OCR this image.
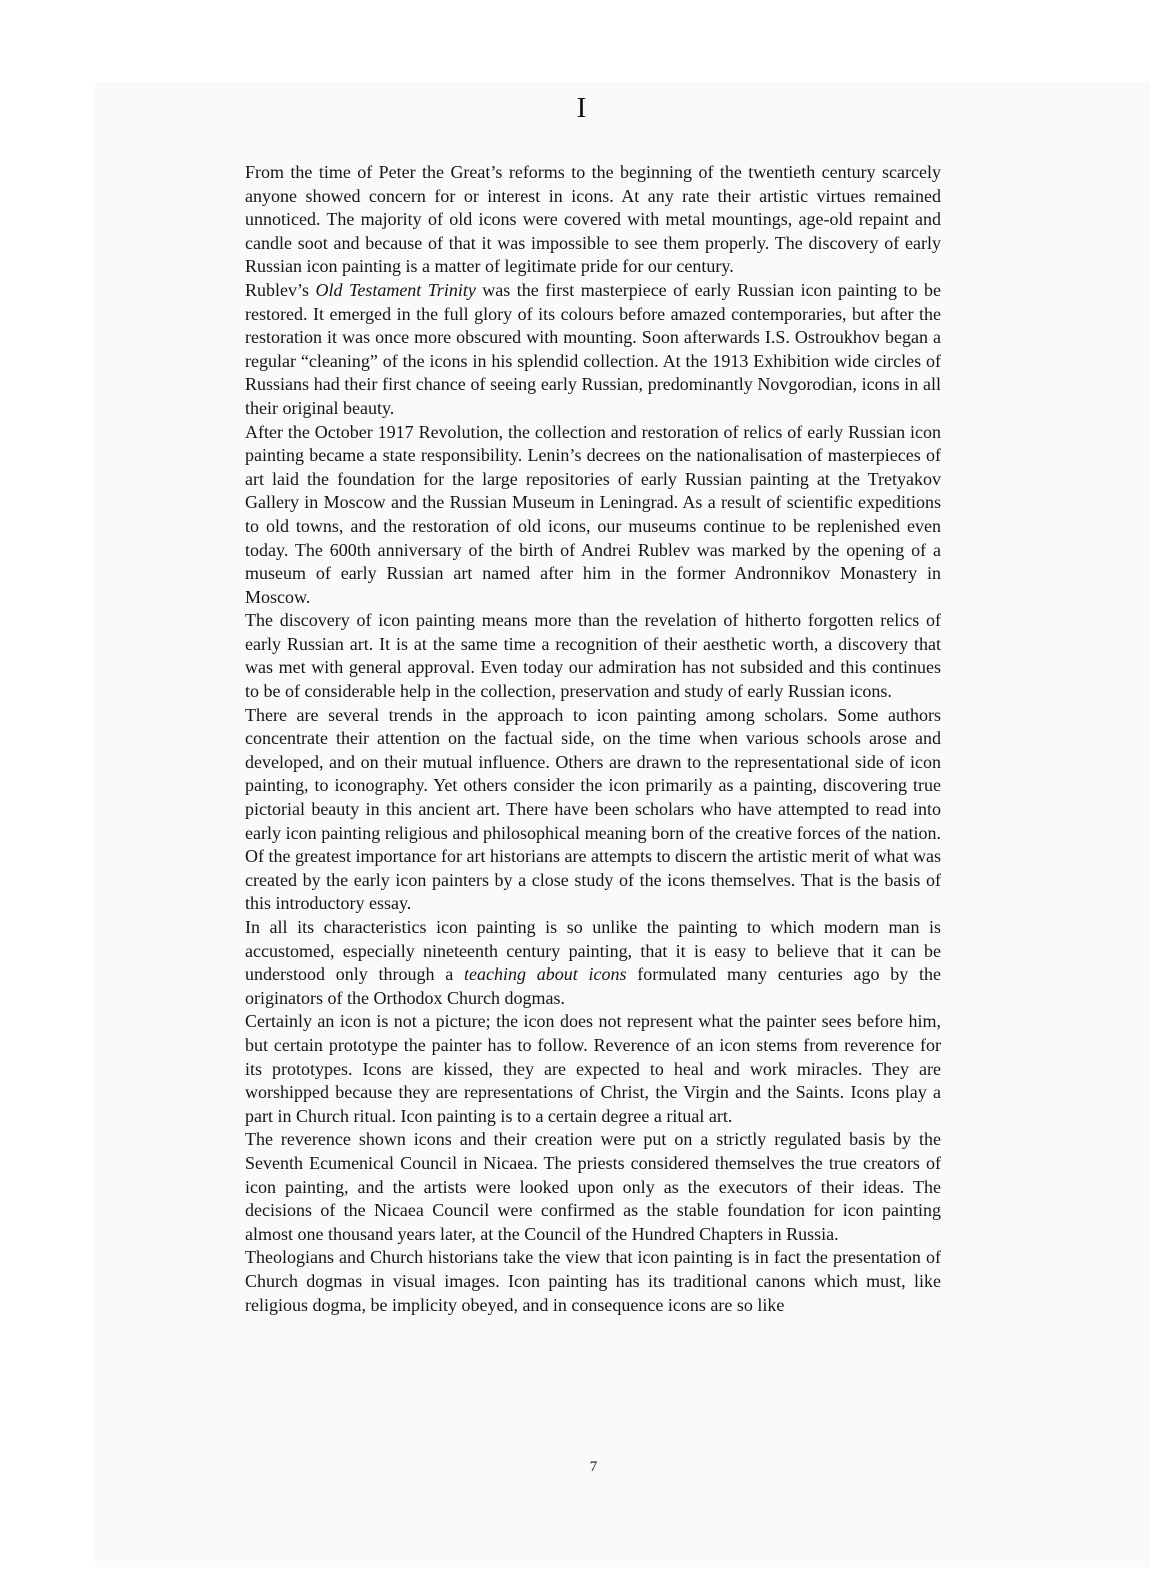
I

From the time of Peter the Great’s reforms to the beginning of the twentieth century scarcely anyone showed concern for or interest in icons. At any rate their artistic virtues remained unnoticed. The majority of old icons were covered with metal mountings, age-old repaint and candle soot and because of that it was impossible to see them properly. The discovery of early Russian icon painting is a matter of legitimate pride for our century.

Rublev’s Old Testament Trinity was the first masterpiece of early Russian icon painting to be restored. It emerged in the full glory of its colours before amazed contemporaries, but after the restoration it was once more obscured with mounting. Soon afterwards I.S. Ostroukhov began a regular “cleaning” of the icons in his splendid collection. At the 1913 Exhibition wide circles of Russians had their first chance of seeing early Russian, predominantly Novgorodian, icons in all their original beauty.

After the October 1917 Revolution, the collection and restoration of relics of early Russian icon painting became a state responsibility. Lenin’s decrees on the nationalisation of masterpieces of art laid the foundation for the large repositories of early Russian painting at the Tretyakov Gallery in Moscow and the Russian Museum in Leningrad. As a result of scientific expeditions to old towns, and the restoration of old icons, our museums continue to be replenished even today. The 600th anniversary of the birth of Andrei Rublev was marked by the opening of a museum of early Russian art named after him in the former Andronnikov Monastery in Moscow.

The discovery of icon painting means more than the revelation of hitherto forgotten relics of early Russian art. It is at the same time a recognition of their aesthetic worth, a discovery that was met with general approval. Even today our admiration has not subsided and this continues to be of considerable help in the collection, preservation and study of early Russian icons.

There are several trends in the approach to icon painting among scholars. Some authors concentrate their attention on the factual side, on the time when various schools arose and developed, and on their mutual influence. Others are drawn to the representational side of icon painting, to iconography. Yet others consider the icon primarily as a painting, discovering true pictorial beauty in this ancient art. There have been scholars who have attempted to read into early icon painting religious and philosophical meaning born of the creative forces of the nation. Of the greatest importance for art historians are attempts to discern the artistic merit of what was created by the early icon painters by a close study of the icons themselves. That is the basis of this introductory essay.

In all its characteristics icon painting is so unlike the painting to which modern man is accustomed, especially nineteenth century painting, that it is easy to believe that it can be understood only through a teaching about icons formulated many centuries ago by the originators of the Orthodox Church dogmas.

Certainly an icon is not a picture; the icon does not represent what the painter sees before him, but certain prototype the painter has to follow. Reverence of an icon stems from reverence for its prototypes. Icons are kissed, they are expected to heal and work miracles. They are worshipped because they are representations of Christ, the Virgin and the Saints. Icons play a part in Church ritual. Icon painting is to a certain degree a ritual art.

The reverence shown icons and their creation were put on a strictly regulated basis by the Seventh Ecumenical Council in Nicaea. The priests considered themselves the true creators of icon painting, and the artists were looked upon only as the executors of their ideas. The decisions of the Nicaea Council were confirmed as the stable foundation for icon painting almost one thousand years later, at the Council of the Hundred Chapters in Russia.

Theologians and Church historians take the view that icon painting is in fact the presentation of Church dogmas in visual images. Icon painting has its traditional canons which must, like religious dogma, be implicity obeyed, and in consequence icons are so like

7
